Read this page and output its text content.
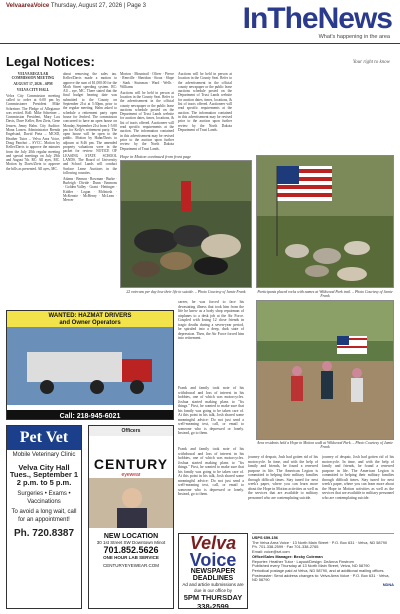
VelvaareaVoice Thursday, August 27, 2026 | Page 3	InTheNews
What's happening in the area
Legal Notices:	Your right to know

VELVA REGULAR COMMISSION MEETING

AUGUST 17, 2026 – 6PM

VELVA CITY HALL

Velva City Commission meeting called to order at 6:00 pm by Commissioner President Mike Schreiner. The Pledge of Allegiance was recited. Roll: Mike Schreiner – Commission President, Mary Lou Davis, Dave Keller, Ben Zietz, Gene Jensen, Jenny Hahn. City Auditor: Mona Larsen. Administrator Brenda Engelstad, David Pieta – MCSD, Heather Tutor – Velva Area Voice, Doug Panchot – SVCC. Motion by Keller/Davis to approve the minutes from the July 20th regular meeting and special meetings on July 29th and August 7th. RC: All ayes, MC. Motion by Davis/Zietz to approve the bills as presented. All ayes, MC.

about removing the sales tax. Keller/Davis made a motion to approve the sum of $1,000.00 for the Moth Street speeding system. RC: All – aye, MC. There stated that the final budget hearing date was submitted to the County on September 21st at 5:30pm, prior to the regular meeting. Hahn asked to schedule a retirement party open house for Jenfred. The commission concurred to have an open house on Monday, September 21st from 1-5:00 pm for Kelly's retirement party. The open house will be open to the public. Motion by Hahn/Davis to adjourn at 8:46 pm. The amended property valuations were in the packet for review. NOTICE OF LEASING STATE SCHOOL LANDS. The Board of University and School Lands will conduct Surface Lease Auctions in the following counties.

Adams · Benson · Bowman · Burke · Burleigh · Divide · Dunn · Emmons · Golden Valley · Grant · Hettinger · Kidder · Logan · McIntosh · McKenzie · McHenry · McLean · Mercer

Morton · Mountrail · Oliver · Pierce · Renville · Sheridan · Sioux · Slope · Stark · Stutsman · Ward · Wells · Williams

Auctions will be held in person at location in the County Seat. Refer to the advertisement in the official county newspaper or the public lease auctions schedule posted on the Department of Trust Lands website for auction dates, times, locations, & list of tracts offered. Auctioneer will read specific requirements at the auction. The information contained in this advertisement may be revised prior to the auction upon further review by the North Dakota Department of Trust Lands.

Auctions will be held in person at location in the County Seat. Refer to the advertisement in the official county newspaper or the public lease auctions schedule posted on the Department of Trust Lands website for auction dates, times, locations, & list of tracts offered. Auctioneer will read specific requirements at the auction. The information contained in this advertisement may be revised prior to the auction upon further review by the North Dakota Department of Trust Lands.

Hope in Motion continued from front page
22 veterans per day lose their life to suicide. – Photo Courtesy of Jamie Frank	Participants placed rocks with names at Wildwood Park trail. – Photo Courtesy of Jamie Frank
career, he was forced to face his devastating illness that took him from the life he knew as a body shop repairman of airplanes to a desk job at the Air Force. Coupled with losing 12 close friends in tragic deaths during a seven-year period, he spiraled into a deep, dark state of depression. Then, the Air Force forced him into retirement.
Frank and family took note of his withdrawal and loss of interest in his hobbies, one of which was motorcycles. Joshua started making plans to "fix things." First, he wanted to make sure that his family was going to be taken care of. At this point in his talk, Josh shared some meaningful advice: Do not just send a well-meaning text, call, or email to someone who is depressed or lonely. Instead, go to them.
Area residents held a Hope in Motion walk at Wildwood Park. – Photo Courtesy of Jamie Frank
Frank and family took note of his withdrawal and loss of interest in his hobbies, one of which was motorcycles. Joshua started making plans to "fix things." First, he wanted to make sure that his family was going to be taken care of. At this point in his talk, Josh shared some meaningful advice: Do not just send a well-meaning text, call, or email to someone who is depressed or lonely. Instead, go to them.
journey of despair, Josh had gotten rid of his motorcycle. In time, and with the help of family and friends, he found a renewed purpose in life. The American Legion is committed to helping their military families through difficult times. Stay tuned for next week's paper, where you can learn more about the Hope in Motion activities as well as the services that are available to military personnel who are contemplating suicide.
journey of despair, Josh had gotten rid of his motorcycle. In time, and with the help of family and friends, he found a renewed purpose in life. The American Legion is committed to helping their military families through difficult times. Stay tuned for next week's paper, where you can learn more about the Hope in Motion activities as well as the services that are available to military personnel who are contemplating suicide.
WANTED: HAZMAT DRIVERS
and Owner Operators
Call: 218-945-6021
Pet Vet
Mobile Veterinary Clinic
Velva City Hall
Tues., September 1
2 p.m. to 5 p.m.
Surgeries • Exams • Vaccinations
To avoid a long wait, call for an appointment!
Ph. 720.8387
Officers
CENTURY
eyewear
NEW LOCATION
30 1st Street SW Downtown Minot
701.852.5626
ONE HOUR LAB SERVICE
CENTURYEYEWEAR.COM
USPS 659-156
The Velva Area Voice · 13 North Main Street · P.O. Box 631 · Velva, ND 58790
Ph. 701-338-2599 · Fax 701-338-2765
Email: voice@srt.com
Office/Sales Manager: Becky Coleman
Reporter: Heather Tutor · Layout/Design: DeAnna Finstrom
Published every Thursday at 13 North Main Street, Velva, ND 58790
Periodical postage paid at Velva, ND 58790, and at additional mailing offices.
Postmaster: Send address changes to: Velva Area Voice · P.O. Box 631 · Velva, ND 58790
NDNA
Velva
Voice
NEWSPAPER DEADLINES
Ad and article submissions are due in our office by
5PM THURSDAY
338-2599
